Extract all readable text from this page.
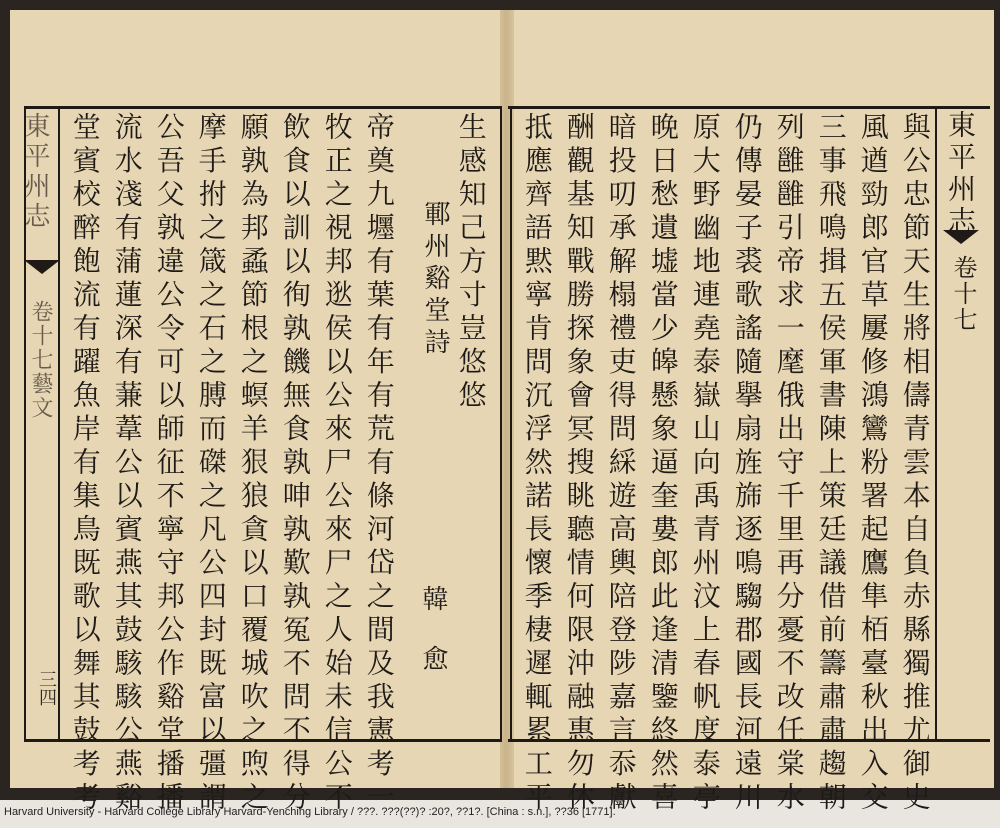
東平州志
卷十七
東平州志
卷十七藝文
三四	與公忠節天生將相儔青雲本自負赤縣獨推尤御史
風遒勁郎官草屢修鴻鸞粉署起鷹隼栢臺秋出入交
三事飛鳴揖五侯軍書陳上策廷議借前籌肅肅趨朝
列雝雝引帝求一麾俄出守千里再分憂不改任棠水
仍傳晏子裘歌謠隨擧扇旌旆逐鳴騶郡國長河遠川
原大野幽地連堯泰嶽山向禹青州汶上春帆度泰亭
晚日愁遺墟當少皞懸象逼奎婁郎此逢清鑒終然喜
暗投叨承解榻禮吏得問綵遊高輿陪登陟嘉言忝獻
酬觀基知戰勝探象會冥搜眺聽情何限沖融惠勿休
抵應齊語黙寧肯問沉浮然諾長懷季棲遲輒累工平
生感知己方寸豈悠悠
鄆州谿堂詩
韓愈
帝奠九壥有葉有年有荒有條河岱之間及我憲考一
牧正之視邦逖侯以公來尸公來尸之人始未信公不
飲食以訓以徇孰饑無食孰呻孰歎孰冤不問不得分
願孰為邦蟊節根之螟羊狠狼貪以口覆城吹之喣之
摩手拊之箴之石之膊而磔之凡公四封既富以彊謂
公吾父孰違公令可以師征不寧守邦公作谿堂播播
流水淺有蒲蓮深有蒹葦公以賓燕其鼓駭駭公燕谿
堂賓校醉飽流有躍魚岸有集鳥既歌以舞其鼓考考
Harvard University - Harvard College Library Harvard-Yenching Library / ???. ???(??)? :20?, ??1?. [China : s.n.], ??36 [1771].
